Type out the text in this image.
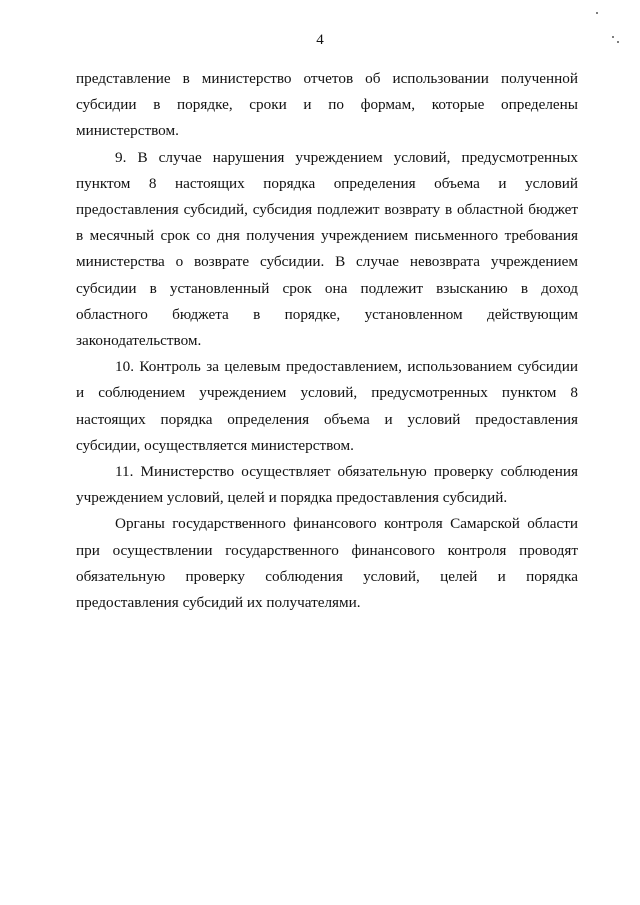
4

представление в министерство отчетов об использовании полученной субсидии в порядке, сроки и по формам, которые определены министерством.

9. В случае нарушения учреждением условий, предусмотренных пунктом 8 настоящих порядка определения объема и условий предоставления субсидий, субсидия подлежит возврату в областной бюджет в месячный срок со дня получения учреждением письменного требования министерства о возврате субсидии. В случае невозврата учреждением субсидии в установленный срок она подлежит взысканию в доход областного бюджета в порядке, установленном действующим законодательством.

10. Контроль за целевым предоставлением, использованием субсидии и соблюдением учреждением условий, предусмотренных пунктом 8 настоящих порядка определения объема и условий предоставления субсидии, осуществляется министерством.

11. Министерство осуществляет обязательную проверку соблюдения учреждением условий, целей и порядка предоставления субсидий.

Органы государственного финансового контроля Самарской области при осуществлении государственного финансового контроля проводят обязательную проверку соблюдения условий, целей и порядка предоставления субсидий их получателями.
